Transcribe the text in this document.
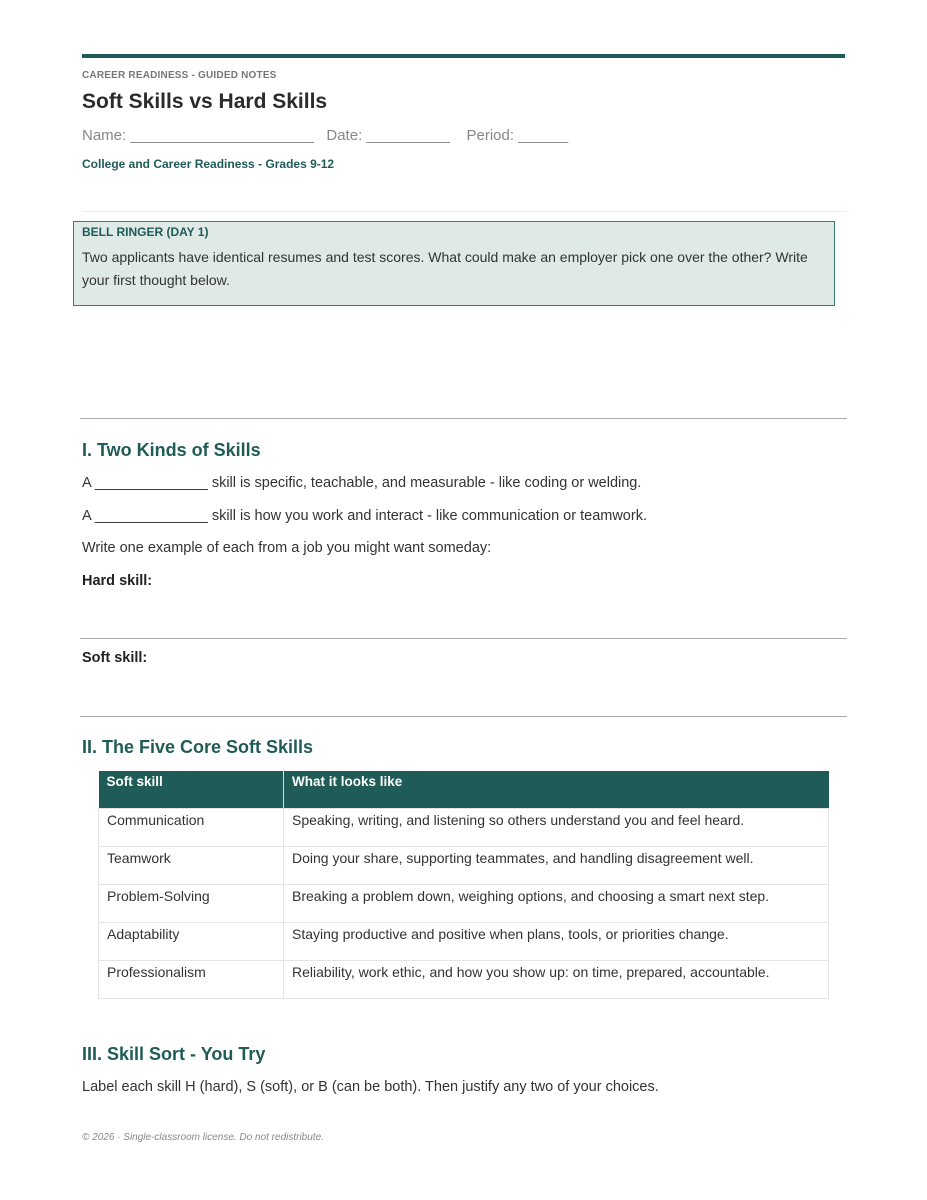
CAREER READINESS - GUIDED NOTES
Soft Skills vs Hard Skills
Name: ______________________   Date: __________    Period: ______
College and Career Readiness - Grades 9-12
BELL RINGER (DAY 1)
Two applicants have identical resumes and test scores. What could make an employer pick one over the other? Write your first thought below.
I. Two Kinds of Skills
A ______________ skill is specific, teachable, and measurable - like coding or welding.
A ______________ skill is how you work and interact - like communication or teamwork.
Write one example of each from a job you might want someday:
Hard skill:
Soft skill:
II. The Five Core Soft Skills
Soft skill	What it looks like
Communication	Speaking, writing, and listening so others understand you and feel heard.
Teamwork	Doing your share, supporting teammates, and handling disagreement well.
Problem-Solving	Breaking a problem down, weighing options, and choosing a smart next step.
Adaptability	Staying productive and positive when plans, tools, or priorities change.
Professionalism	Reliability, work ethic, and how you show up: on time, prepared, accountable.
III. Skill Sort - You Try
Label each skill H (hard), S (soft), or B (can be both). Then justify any two of your choices.
© 2026 · Single-classroom license. Do not redistribute.
